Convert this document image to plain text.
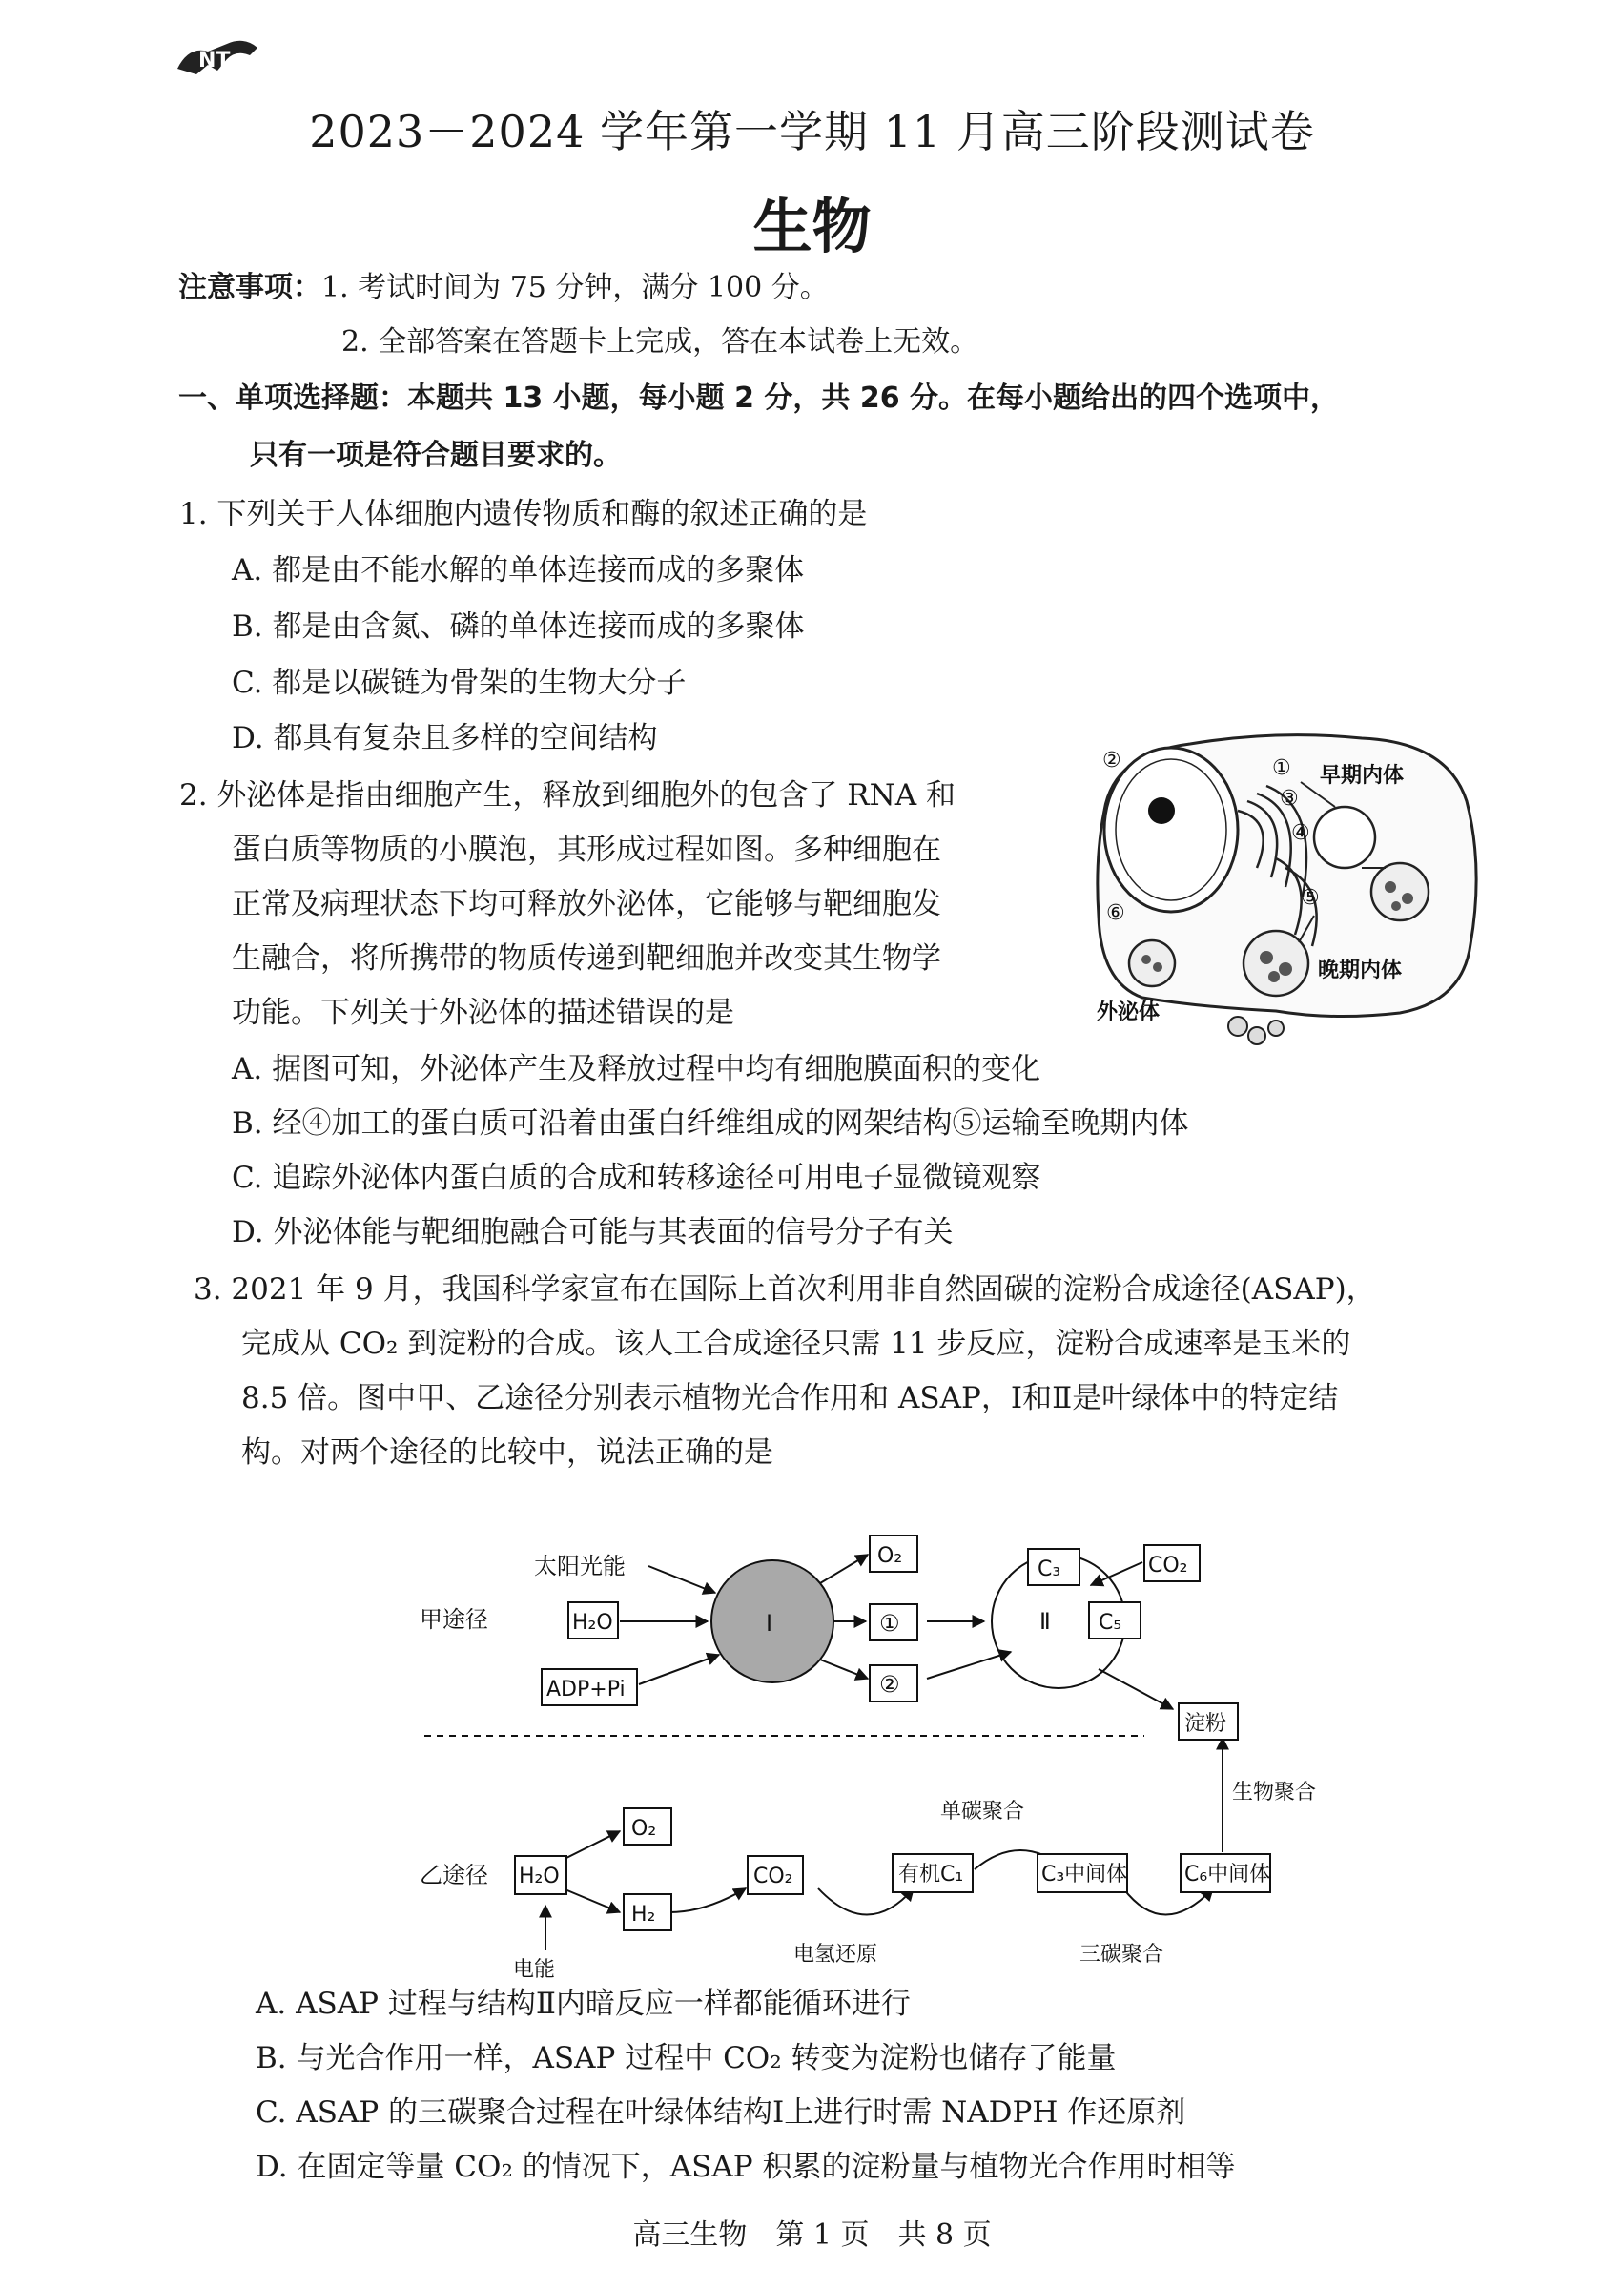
NT
2023－2024 学年第一学期 11 月高三阶段测试卷
生物
注意事项：1. 考试时间为 75 分钟，满分 100 分。
2. 全部答案在答题卡上完成，答在本试卷上无效。
一、单项选择题：本题共 13 小题，每小题 2 分，共 26 分。在每小题给出的四个选项中，
只有一项是符合题目要求的。
1. 下列关于人体细胞内遗传物质和酶的叙述正确的是
A. 都是由不能水解的单体连接而成的多聚体
B. 都是由含氮、磷的单体连接而成的多聚体
C. 都是以碳链为骨架的生物大分子
D. 都具有复杂且多样的空间结构
2. 外泌体是指由细胞产生，释放到细胞外的包含了 RNA 和
蛋白质等物质的小膜泡，其形成过程如图。多种细胞在
正常及病理状态下均可释放外泌体，它能够与靶细胞发
生融合，将所携带的物质传递到靶细胞并改变其生物学
功能。下列关于外泌体的描述错误的是
②	①
③
④
⑤
⑥
早期内体
晚期内体
外泌体
A. 据图可知，外泌体产生及释放过程中均有细胞膜面积的变化
B. 经④加工的蛋白质可沿着由蛋白纤维组成的网架结构⑤运输至晚期内体
C. 追踪外泌体内蛋白质的合成和转移途径可用电子显微镜观察
D. 外泌体能与靶细胞融合可能与其表面的信号分子有关
3. 2021 年 9 月，我国科学家宣布在国际上首次利用非自然固碳的淀粉合成途径(ASAP)，
完成从 CO₂ 到淀粉的合成。该人工合成途径只需 11 步反应，淀粉合成速率是玉米的
8.5 倍。图中甲、乙途径分别表示植物光合作用和 ASAP，Ⅰ和Ⅱ是叶绿体中的特定结
构。对两个途径的比较中，说法正确的是
Ⅰ	Ⅱ
甲途径
太阳光能
H₂O
ADP+Pi
O₂
①
②
C₃
C₅
CO₂
淀粉
乙途径 H₂O
O₂
H₂
电能
CO₂	有机C₁	C₃中间体	C₆中间体
单碳聚合
电氢还原	三碳聚合
生物聚合
A. ASAP 过程与结构Ⅱ内暗反应一样都能循环进行
B. 与光合作用一样，ASAP 过程中 CO₂ 转变为淀粉也储存了能量
C. ASAP 的三碳聚合过程在叶绿体结构Ⅰ上进行时需 NADPH 作还原剂
D. 在固定等量 CO₂ 的情况下，ASAP 积累的淀粉量与植物光合作用时相等
高三生物　第 1 页　共 8 页
